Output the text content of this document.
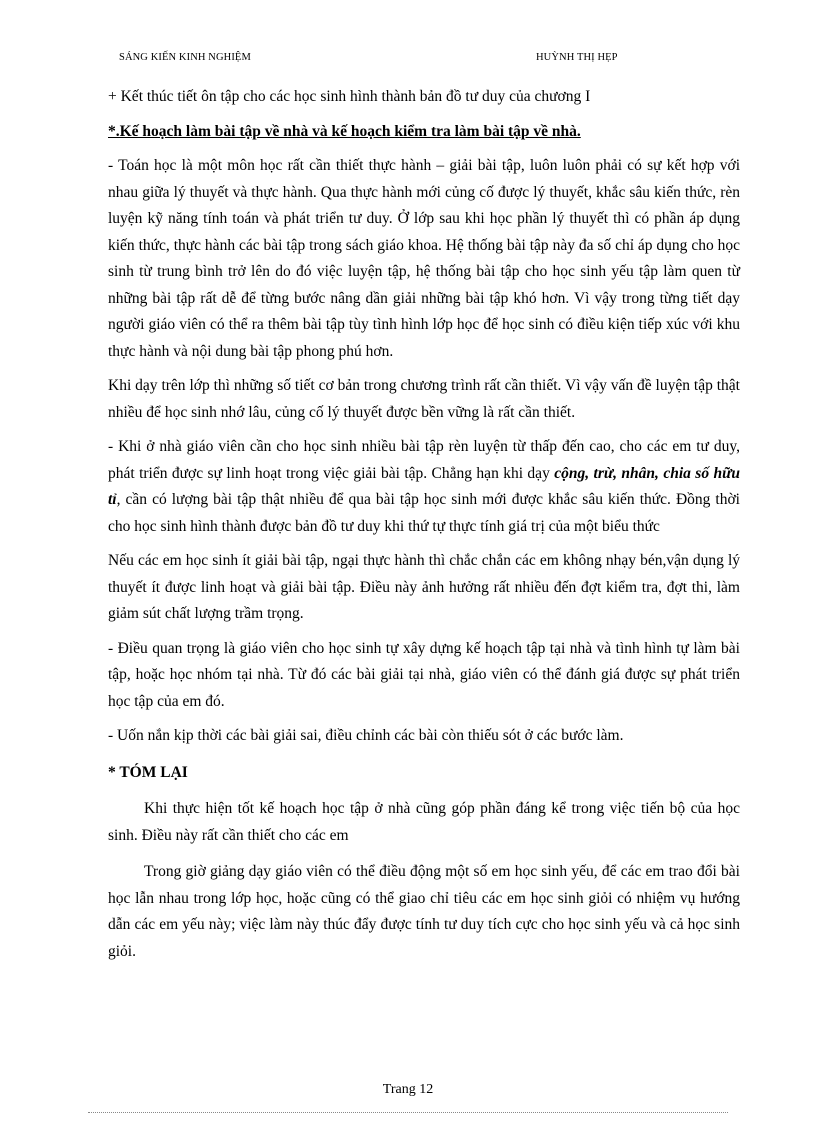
SÁNG KIẾN KINH NGHIỆM	HUỲNH THỊ HẸP

+ Kết thúc tiết ôn tập cho các học sinh hình thành bản đồ tư duy của chương I

*.Kế hoạch làm bài tập về nhà và kế hoạch kiểm tra làm bài tập về nhà.

- Toán học là một môn học rất cần thiết thực hành – giải bài tập, luôn luôn phải có sự kết hợp với nhau giữa lý thuyết và thực hành. Qua thực hành mới củng cố được lý thuyết, khắc sâu kiến thức, rèn luyện kỹ năng tính toán và phát triển tư duy. Ở lớp sau khi học phần lý thuyết thì có phần áp dụng kiến thức, thực hành các bài tập trong sách giáo khoa. Hệ thống bài tập này đa số chỉ áp dụng cho học sinh từ trung bình trở lên do đó việc luyện tập, hệ thống bài tập cho học sinh yếu tập làm quen từ những bài tập rất dễ để từng bước nâng dần giải những bài tập khó hơn. Vì vậy trong từng tiết dạy người giáo viên có thể ra thêm bài tập tùy tình hình lớp học để học sinh có điều kiện tiếp xúc với khu thực hành và nội dung bài tập phong phú hơn.

Khi dạy trên lớp thì những số tiết cơ bản trong chương trình rất cần thiết. Vì vậy vấn đề luyện tập thật nhiều để học sinh nhớ lâu, củng cố lý thuyết được bền vững là rất cần thiết.

- Khi ở nhà giáo viên cần cho học sinh nhiều bài tập rèn luyện từ thấp đến cao, cho các em tư duy, phát triển được sự linh hoạt trong việc giải bài tập. Chẳng hạn khi dạy cộng, trừ, nhân, chia số hữu tỉ, cần có lượng bài tập thật nhiều để qua bài tập học sinh mới được khắc sâu kiến thức. Đồng thời cho học sinh hình thành được bản đồ tư duy khi thứ tự thực tính giá trị của một biểu thức

Nếu các em học sinh ít giải bài tập, ngại thực hành thì chắc chắn các em không nhạy bén,vận dụng lý thuyết ít được linh hoạt và giải bài tập. Điều này ảnh hưởng rất nhiều đến đợt kiểm tra, đợt thi, làm giảm sút chất lượng trầm trọng.

- Điều quan trọng là giáo viên cho học sinh tự xây dựng kế hoạch tập tại nhà và tình hình tự làm bài tập, hoặc học nhóm tại nhà. Từ đó các bài giải tại nhà, giáo viên có thể đánh giá được sự phát triển học tập của em đó.

- Uốn nắn kịp thời các bài giải sai, điều chỉnh các bài còn thiếu sót ở các bước làm.

* TÓM LẠI

Khi thực hiện tốt kế hoạch học tập ở nhà cũng góp phần đáng kể trong việc tiến bộ của học sinh. Điều này rất cần thiết cho các em

Trong giờ giảng dạy giáo viên có thể điều động một số em học sinh yếu, để các em trao đổi bài học lẫn nhau trong lớp học, hoặc cũng có thể giao chỉ tiêu các em học sinh giỏi có nhiệm vụ hướng dẫn các em yếu này; việc làm này thúc đẩy được tính tư duy tích cực cho học sinh yếu và cả học sinh giỏi.

Trang 12
